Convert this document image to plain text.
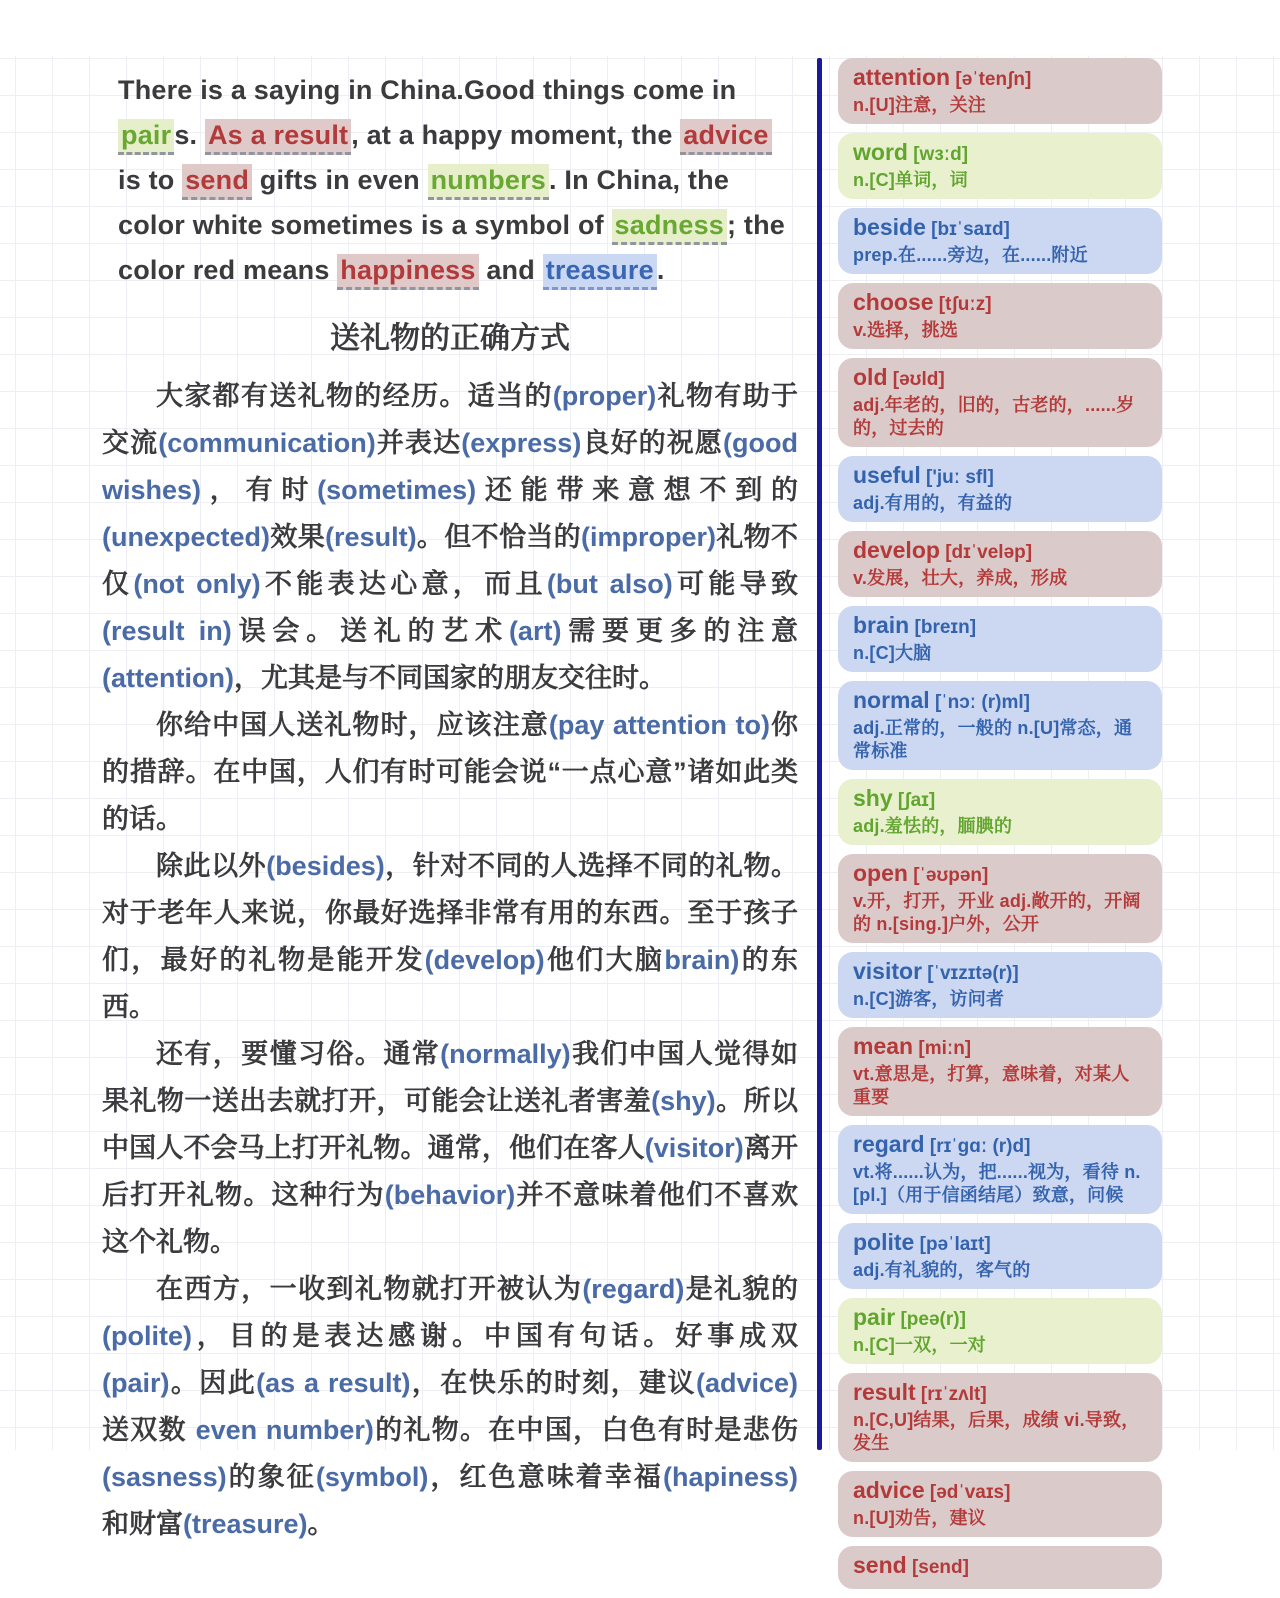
There is a saying in China.Good things come in pair s. As a result , at a happy moment, the advice is to send gifts in even numbers . In China, the color white sometimes is a symbol of sadness ; the color red means happiness and treasure .

送礼物的正确方式

大家都有送礼物的经历。适当的(proper)礼物有助于交流(communication)并表达(express)良好的祝愿(good wishes)，有时(sometimes)还能带来意想不到的(unexpected)效果(result)。但不恰当的(improper)礼物不仅(not only)不能表达心意，而且(but also)可能导致(result in)误会。送礼的艺术(art)需要更多的注意(attention)，尤其是与不同国家的朋友交往时。

你给中国人送礼物时，应该注意(pay attention to)你的措辞。在中国，人们有时可能会说“一点心意”诸如此类的话。

除此以外(besides)，针对不同的人选择不同的礼物。对于老年人来说，你最好选择非常有用的东西。至于孩子们，最好的礼物是能开发(develop)他们大脑brain)的东西。

还有，要懂习俗。通常(normally)我们中国人觉得如果礼物一送出去就打开，可能会让送礼者害羞(shy)。所以中国人不会马上打开礼物。通常，他们在客人(visitor)离开后打开礼物。这种行为(behavior)并不意味着他们不喜欢这个礼物。

在西方，一收到礼物就打开被认为(regard)是礼貌的(polite)，目的是表达感谢。中国有句话。好事成双(pair)。因此(as a result)，在快乐的时刻，建议(advice)送双数 even number)的礼物。在中国，白色有时是悲伤(sasness)的象征(symbol)，红色意味着幸福(hapiness)和财富(treasure)。

attention [əˈtenʃn]
n.[U]注意，关注
word [wɜːd]
n.[C]单词，词
beside [bɪˈsaɪd]
prep.在......旁边，在......附近
choose [tʃuːz]
v.选择，挑选
old [əʊld]
adj.年老的，旧的，古老的，......岁的，过去的
useful ['juː sfl]
adj.有用的，有益的
develop [dɪˈveləp]
v.发展，壮大，养成，形成
brain [breɪn]
n.[C]大脑
normal [ˈnɔː (r)ml]
adj.正常的，一般的 n.[U]常态，通常标准
shy [ʃaɪ]
adj.羞怯的，腼腆的
open [ˈəʊpən]
v.开，打开，开业 adj.敞开的，开阔的 n.[sing.]户外，公开
visitor [ˈvɪzɪtə(r)]
n.[C]游客，访问者
mean [miːn]
vt.意思是，打算，意味着，对某人重要
regard [rɪˈgɑː (r)d]
vt.将......认为，把......视为，看待 n.[pl.]（用于信函结尾）致意，问候
polite [pəˈlaɪt]
adj.有礼貌的，客气的
pair [peə(r)]
n.[C]一双，一对
result [rɪˈzʌlt]
n.[C,U]结果，后果，成绩 vi.导致，发生
advice [ədˈvaɪs]
n.[U]劝告，建议
send [send]
